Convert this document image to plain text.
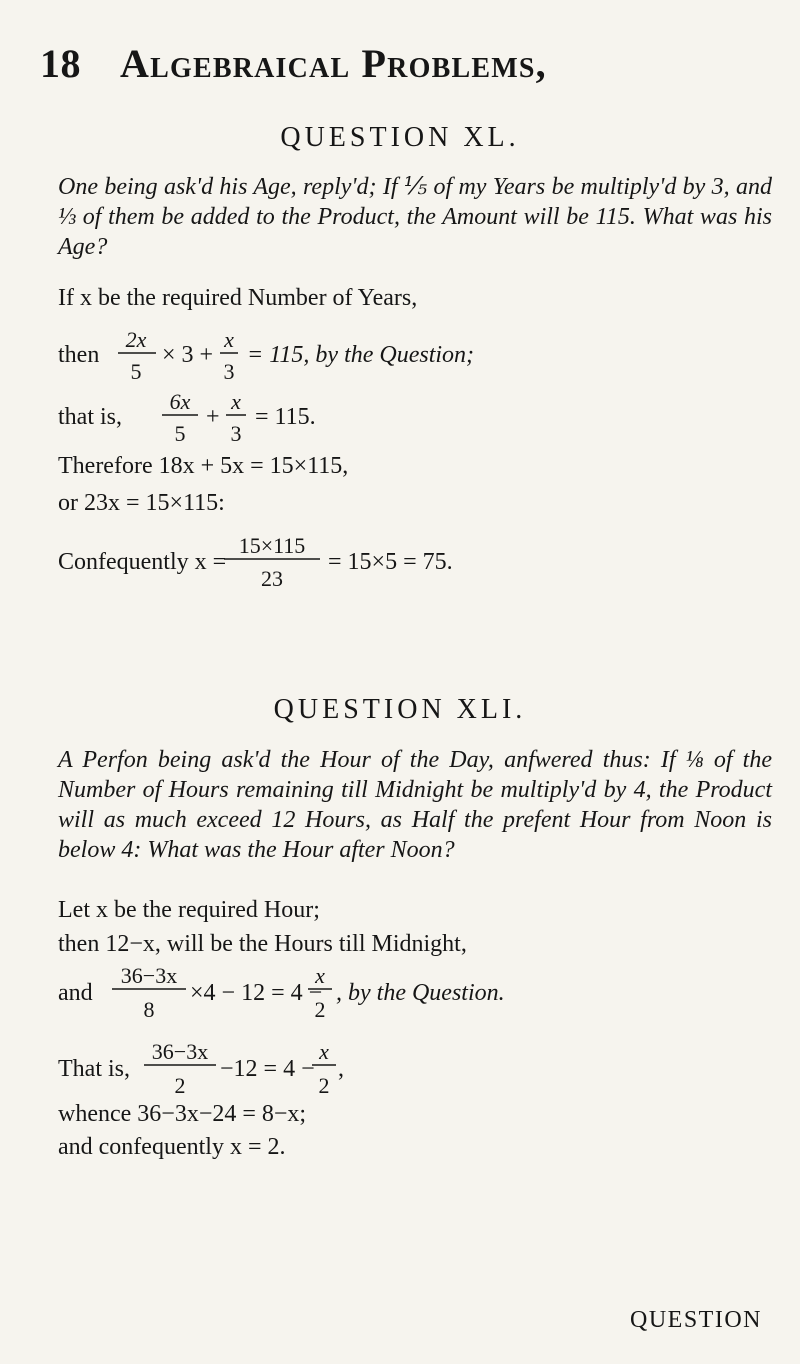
18 Algebraical Problems,
QUESTION XL.
One being ask'd his Age, reply'd; If ⅕ of my Years be multiply'd by 3, and ⅓ of them be added to the Product, the Amount will be 115. What was his Age?
If x be the required Number of Years,
then
2x
5
× 3 +
x
3
= 115, by the Question;
that is,
6x
5
+
x
3
= 115.
Therefore 18x + 5x = 15×115,
or 23x = 15×115:
Confequently x =
15×115
23
= 15×5 = 75.
QUESTION XLI.
A Perfon being ask'd the Hour of the Day, anfwered thus: If ⅛ of the Number of Hours remaining till Midnight be multiply'd by 4, the Product will as much exceed 12 Hours, as Half the prefent Hour from Noon is below 4: What was the Hour after Noon?
Let x be the required Hour;
then 12−x, will be the Hours till Midnight,
and
36−3x
8
×4 − 12 = 4 −
x
2
, by the Question.
That is,
36−3x
2
−12 = 4 −
x
2
,
whence 36−3x−24 = 8−x;
and confequently x = 2.
QUESTION
